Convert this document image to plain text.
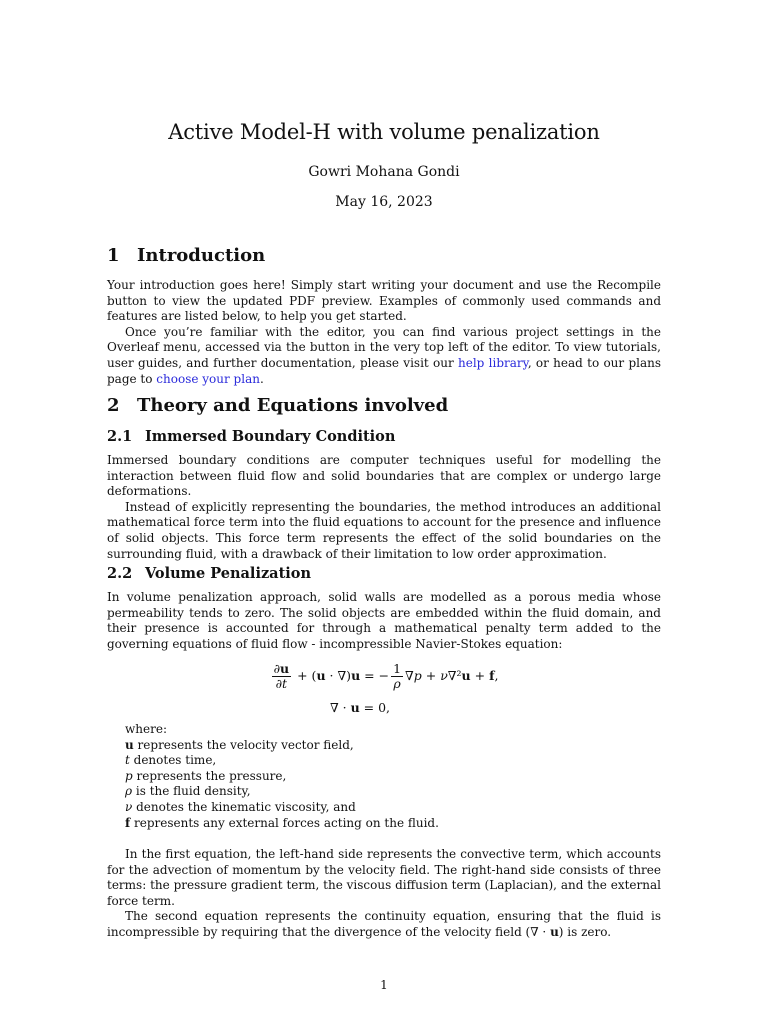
Active Model-H with volume penalization
Gowri Mohana Gondi
May 16, 2023
1 Introduction

Your introduction goes here! Simply start writing your document and use the Recompile button to view the updated PDF preview. Examples of commonly used commands and features are listed below, to help you get started.

Once you’re familiar with the editor, you can find various project settings in the Overleaf menu, accessed via the button in the very top left of the editor. To view tutorials, user guides, and further documentation, please visit our help library, or head to our plans page to choose your plan.

2 Theory and Equations involved
2.1 Immersed Boundary Condition

Immersed boundary conditions are computer techniques useful for modelling the interaction between fluid flow and solid boundaries that are complex or undergo large deformations.

Instead of explicitly representing the boundaries, the method introduces an additional mathematical force term into the fluid equations to account for the presence and influence of solid objects. This force term represents the effect of the solid boundaries on the surrounding fluid, with a drawback of their limitation to low order approximation.

2.2 Volume Penalization

In volume penalization approach, solid walls are modelled as a porous media whose permeability tends to zero. The solid objects are embedded within the fluid domain, and their presence is accounted for through a mathematical penalty term added to the governing equations of fluid flow - incompressible Navier-Stokes equation:

$\frac{\partial u}{\partial t} + (u \cdot \nabla)u$ = − $\frac{1}{\rho} \nabla p + \nu\nabla^2u + f$,
∇ · u = 0,
where:
u represents the velocity vector field,
t denotes time,
p represents the pressure,
ρ is the fluid density,
ν denotes the kinematic viscosity, and
f represents any external forces acting on the fluid.

In the first equation, the left-hand side represents the convective term, which accounts for the advection of momentum by the velocity field. The right-hand side consists of three terms: the pressure gradient term, the viscous diffusion term (Laplacian), and the external force term.

The second equation represents the continuity equation, ensuring that the fluid is incompressible by requiring that the divergence of the velocity field (∇ · u) is zero.

1
